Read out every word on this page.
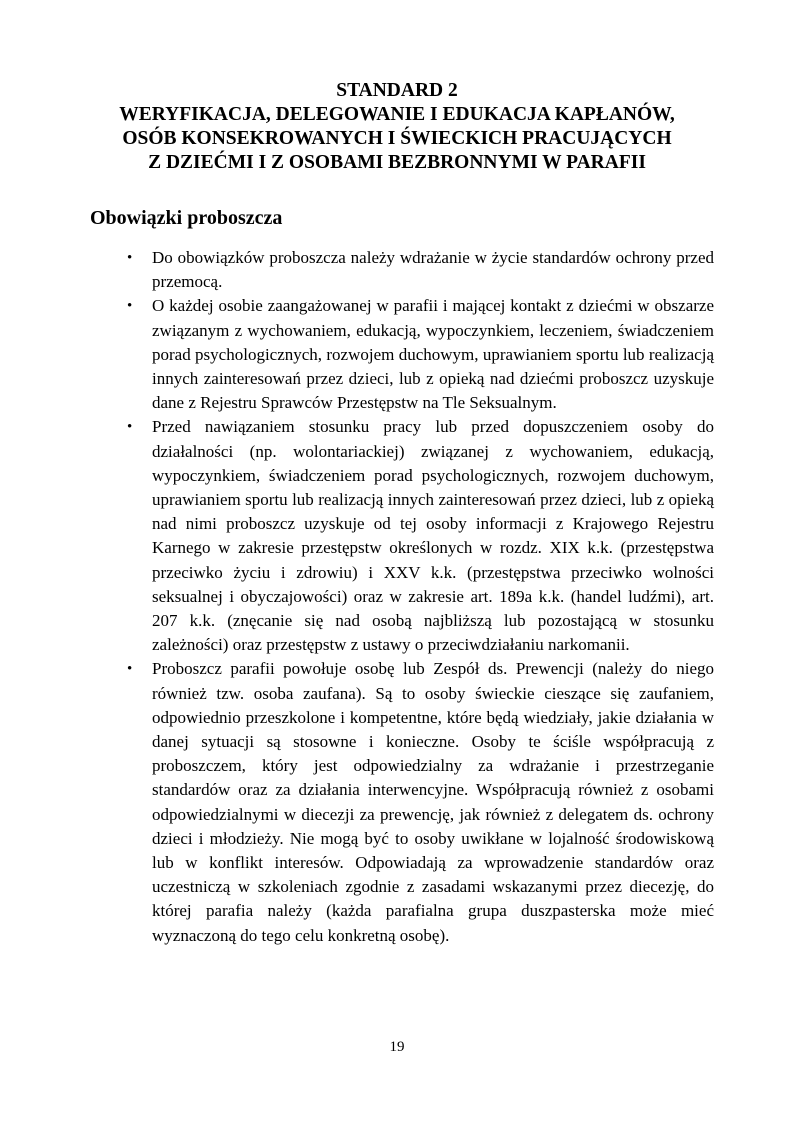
STANDARD 2
WERYFIKACJA, DELEGOWANIE I EDUKACJA KAPŁANÓW,
OSÓB KONSEKROWANYCH I ŚWIECKICH PRACUJĄCYCH
Z DZIEĆMI I Z OSOBAMI BEZBRONNYMI W PARAFII
Obowiązki proboszcza
• Do obowiązków proboszcza należy wdrażanie w życie standardów ochrony przed przemocą.
• O każdej osobie zaangażowanej w parafii i mającej kontakt z dziećmi w obszarze związanym z wychowaniem, edukacją, wypoczynkiem, leczeniem, świadczeniem porad psychologicznych, rozwojem duchowym, uprawianiem sportu lub realizacją innych zainteresowań przez dzieci, lub z opieką nad dziećmi proboszcz uzyskuje dane z Rejestru Sprawców Przestępstw na Tle Seksualnym.
• Przed nawiązaniem stosunku pracy lub przed dopuszczeniem osoby do działalności (np. wolontariackiej) związanej z wychowaniem, edukacją, wypoczynkiem, świadczeniem porad psychologicznych, rozwojem duchowym, uprawianiem sportu lub realizacją innych zainteresowań przez dzieci, lub z opieką nad nimi proboszcz uzyskuje od tej osoby informacji z Krajowego Rejestru Karnego w zakresie przestępstw określonych w rozdz. XIX k.k. (przestępstwa przeciwko życiu i zdrowiu) i XXV k.k. (przestępstwa przeciwko wolności seksualnej i obyczajowości) oraz w zakresie art. 189a k.k. (handel ludźmi), art. 207 k.k. (znęcanie się nad osobą najbliższą lub pozostającą w stosunku zależności) oraz przestępstw z ustawy o przeciwdziałaniu narkomanii.
• Proboszcz parafii powołuje osobę lub Zespół ds. Prewencji (należy do niego również tzw. osoba zaufana). Są to osoby świeckie cieszące się zaufaniem, odpowiednio przeszkolone i kompetentne, które będą wiedziały, jakie działania w danej sytuacji są stosowne i konieczne. Osoby te ściśle współpracują z proboszczem, który jest odpowiedzialny za wdrażanie i przestrzeganie standardów oraz za działania interwencyjne. Współpracują również z osobami odpowiedzialnymi w diecezji za prewencję, jak również z delegatem ds. ochrony dzieci i młodzieży. Nie mogą być to osoby uwikłane w lojalność środowiskową lub w konflikt interesów. Odpowiadają za wprowadzenie standardów oraz uczestniczą w szkoleniach zgodnie z zasadami wskazanymi przez diecezję, do której parafia należy (każda parafialna grupa duszpasterska może mieć wyznaczoną do tego celu konkretną osobę).
19
